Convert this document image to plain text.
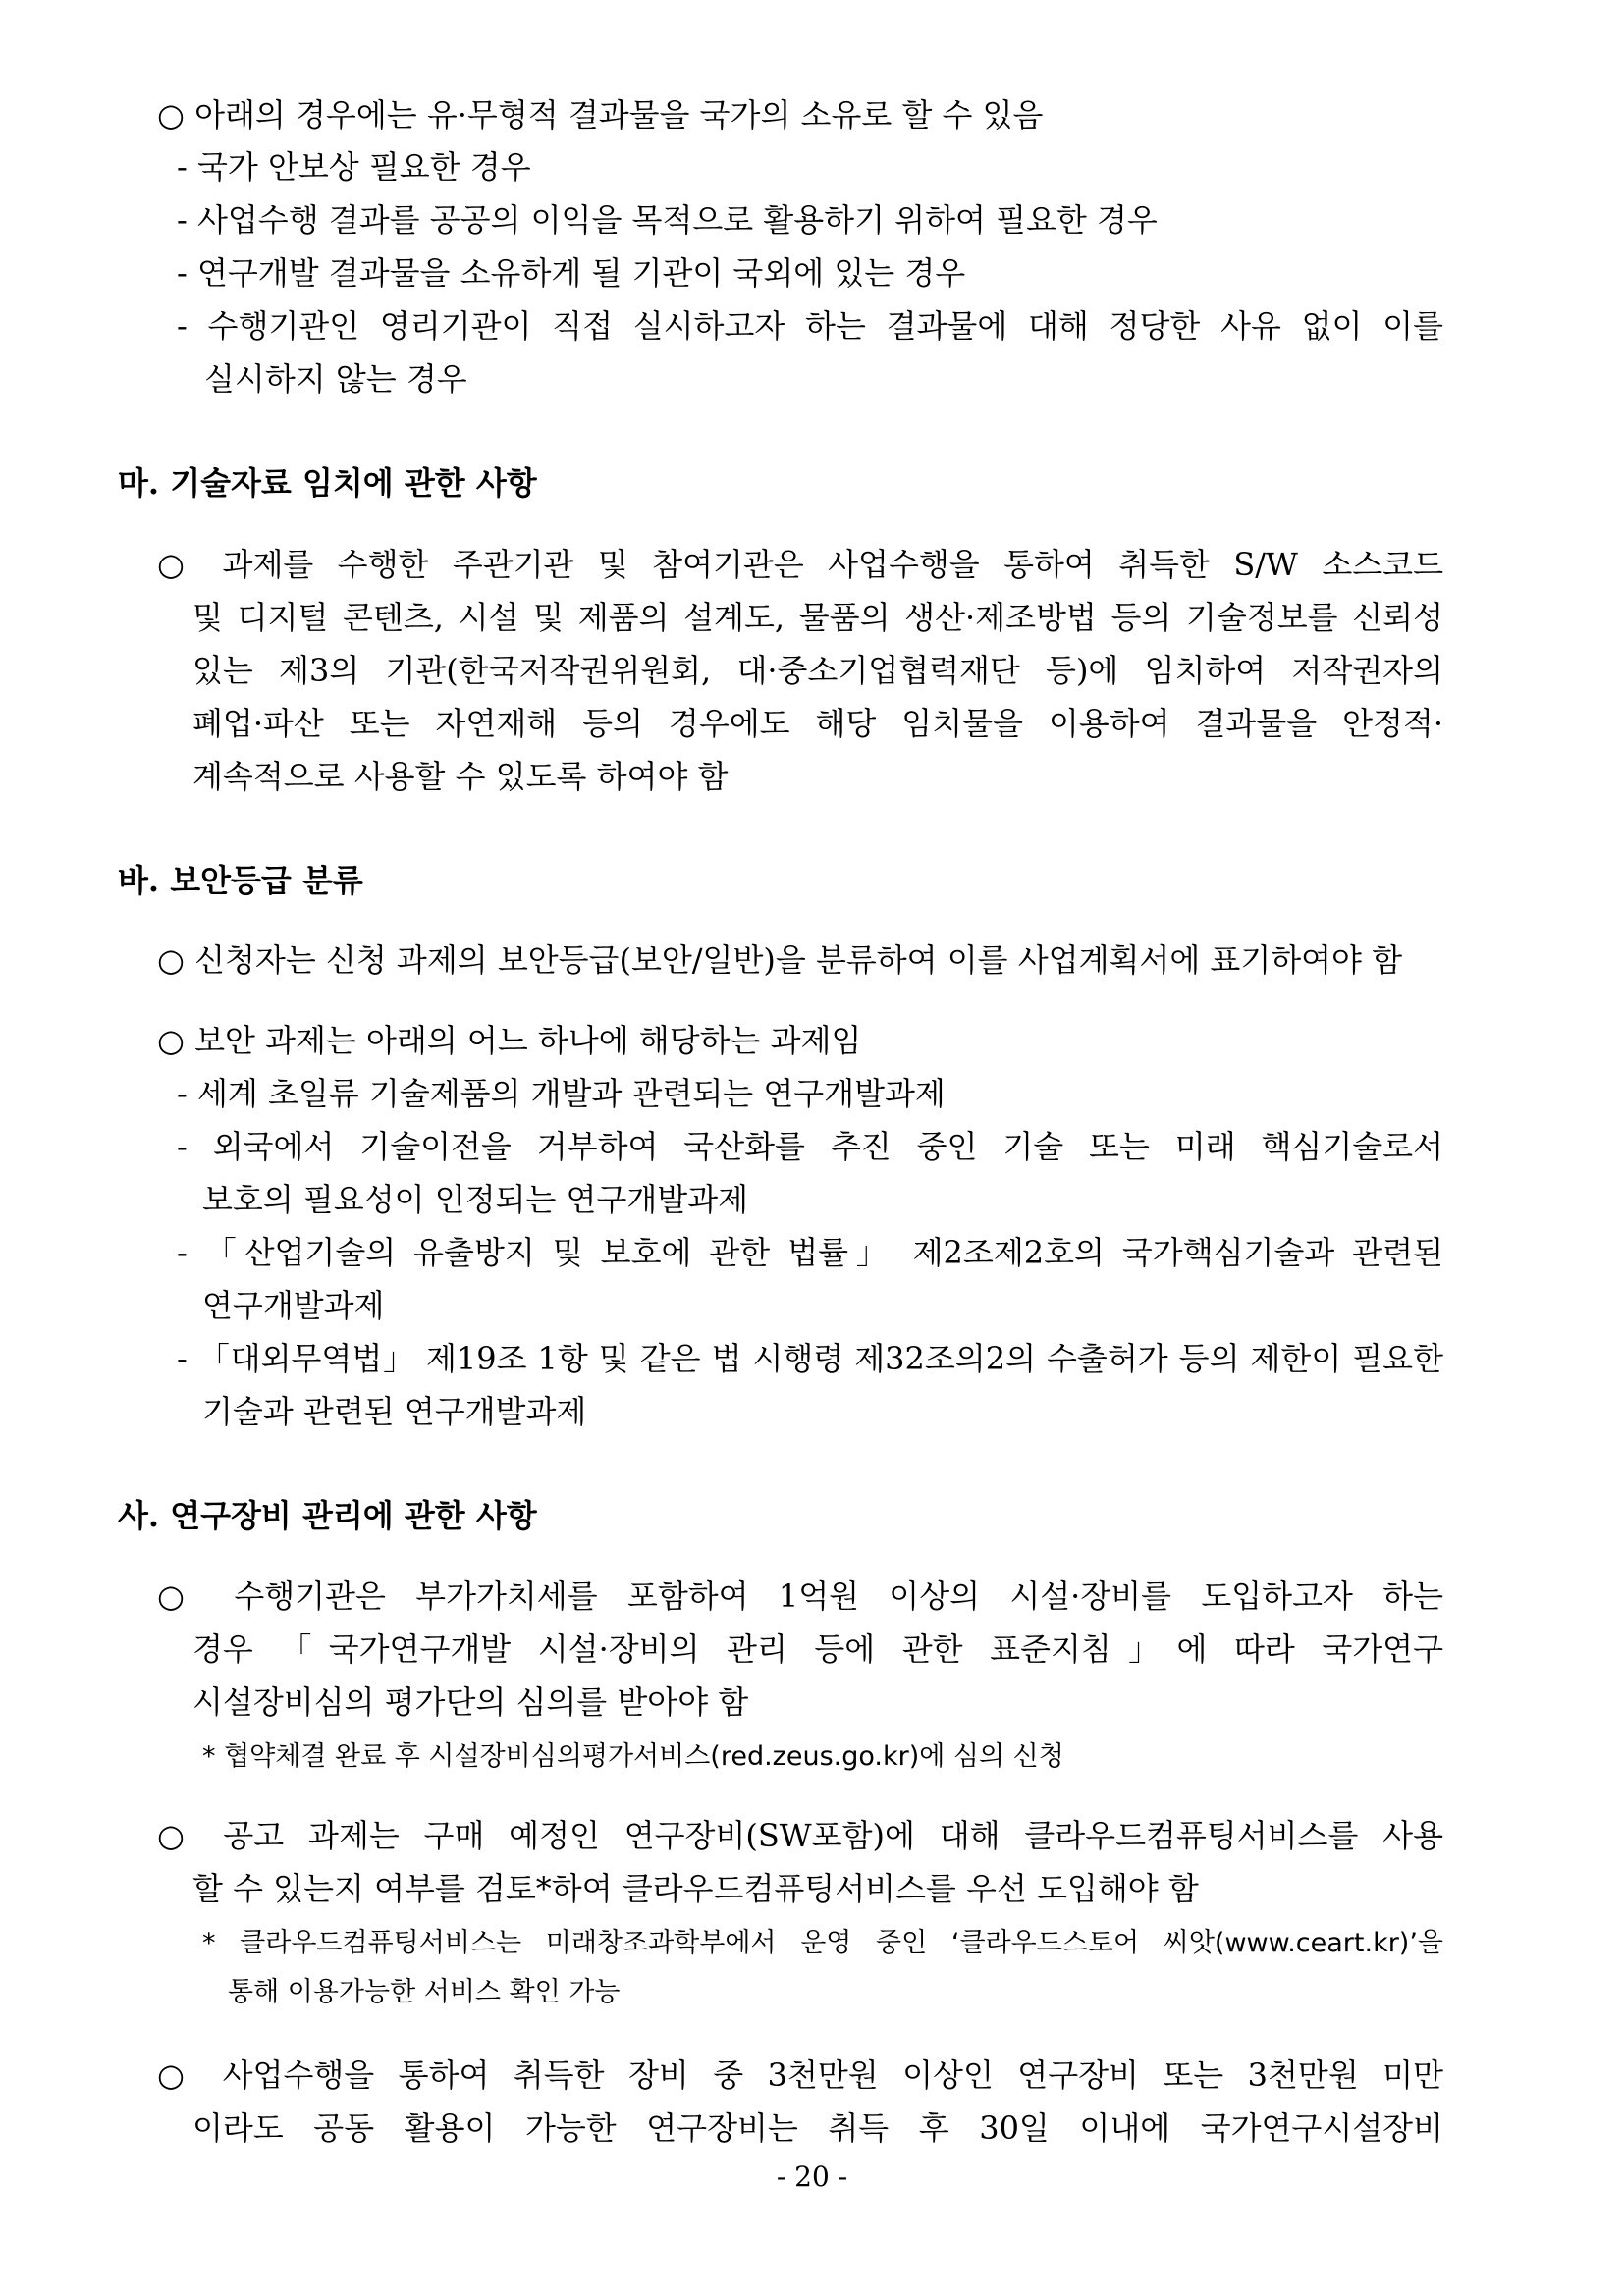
○ 아래의 경우에는 유·무형적 결과물을 국가의 소유로 할 수 있음
- 국가 안보상 필요한 경우
- 사업수행 결과를 공공의 이익을 목적으로 활용하기 위하여 필요한 경우
- 연구개발 결과물을 소유하게 될 기관이 국외에 있는 경우
- 수행기관인 영리기관이 직접 실시하고자 하는 결과물에 대해 정당한 사유 없이 이를
실시하지 않는 경우
마. 기술자료 임치에 관한 사항
○ 과제를 수행한 주관기관 및 참여기관은 사업수행을 통하여 취득한 S/W 소스코드
및 디지털 콘텐츠, 시설 및 제품의 설계도, 물품의 생산·제조방법 등의 기술정보를 신뢰성
있는 제3의 기관(한국저작권위원회, 대·중소기업협력재단 등)에 임치하여 저작권자의
폐업·파산 또는 자연재해 등의 경우에도 해당 임치물을 이용하여 결과물을 안정적·
계속적으로 사용할 수 있도록 하여야 함
바. 보안등급 분류
○ 신청자는 신청 과제의 보안등급(보안/일반)을 분류하여 이를 사업계획서에 표기하여야 함
○ 보안 과제는 아래의 어느 하나에 해당하는 과제임
- 세계 초일류 기술제품의 개발과 관련되는 연구개발과제
- 외국에서 기술이전을 거부하여 국산화를 추진 중인 기술 또는 미래 핵심기술로서
보호의 필요성이 인정되는 연구개발과제
- 「산업기술의 유출방지 및 보호에 관한 법률」 제2조제2호의 국가핵심기술과 관련된
연구개발과제
- 「대외무역법」 제19조 1항 및 같은 법 시행령 제32조의2의 수출허가 등의 제한이 필요한
기술과 관련된 연구개발과제
사. 연구장비 관리에 관한 사항
○ 수행기관은 부가가치세를 포함하여 1억원 이상의 시설·장비를 도입하고자 하는
경우 「국가연구개발 시설·장비의 관리 등에 관한 표준지침」에 따라 국가연구
시설장비심의 평가단의 심의를 받아야 함
* 협약체결 완료 후 시설장비심의평가서비스(red.zeus.go.kr)에 심의 신청
○ 공고 과제는 구매 예정인 연구장비(SW포함)에 대해 클라우드컴퓨팅서비스를 사용
할 수 있는지 여부를 검토*하여 클라우드컴퓨팅서비스를 우선 도입해야 함
* 클라우드컴퓨팅서비스는 미래창조과학부에서 운영 중인 ‘클라우드스토어 씨앗(www.ceart.kr)’을
통해 이용가능한 서비스 확인 가능
○ 사업수행을 통하여 취득한 장비 중 3천만원 이상인 연구장비 또는 3천만원 미만
이라도 공동 활용이 가능한 연구장비는 취득 후 30일 이내에 국가연구시설장비
- 20 -
